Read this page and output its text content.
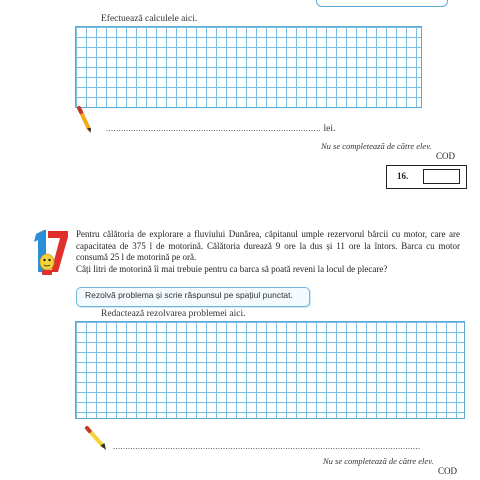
Efectuează calculele aici.
...................................................................................... lei.
Nu se completează de către elev.
COD
16.
Pentru călătoria de explorare a fluviului Dunărea, căpitanul umple rezervorul bărcii cu motor, care are capacitatea de 375 l de motorină. Călătoria durează 9 ore la dus și 11 ore la întors. Barca cu motor consumă 25 l de motorină pe oră.
Câți litri de motorină îi mai trebuie pentru ca barca să poată reveni la locul de plecare?
Rezolvă problema și scrie răspunsul pe spațiul punctat.
Redactează rezolvarea problemei aici.
...........................................................................................................................
Nu se completează de către elev.
COD
